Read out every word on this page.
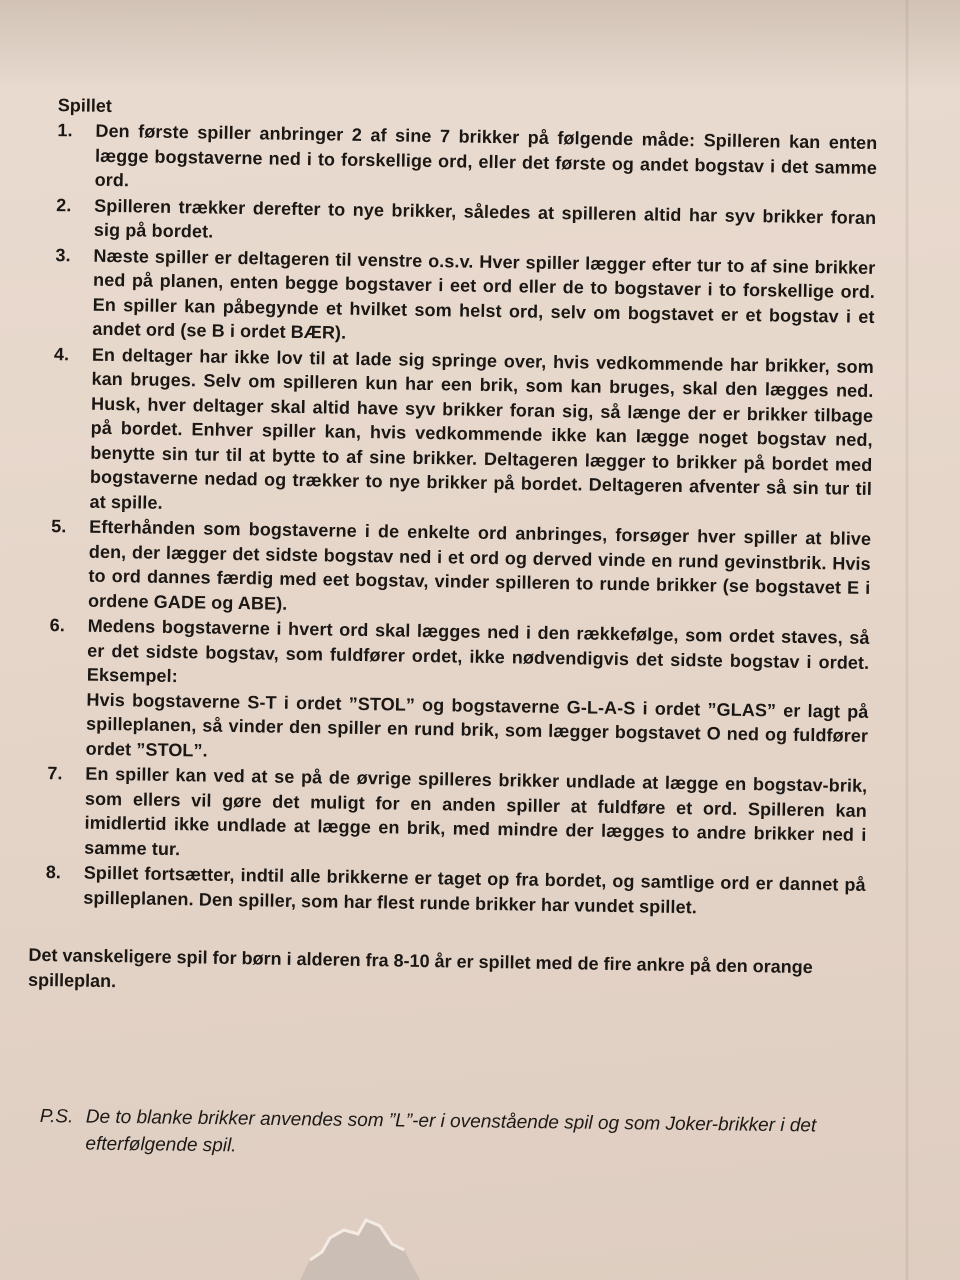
Spillet
1.	Den første spiller anbringer 2 af sine 7 brikker på følgende måde: Spilleren kan enten lægge bogstaverne ned i to forskellige ord, eller det første og andet bogstav i det samme ord.
2.	Spilleren trækker derefter to nye brikker, således at spilleren altid har syv brikker foran sig på bordet.
3.	Næste spiller er deltageren til venstre o.s.v. Hver spiller lægger efter tur to af sine brikker ned på planen, enten begge bogstaver i eet ord eller de to bogstaver i to forskellige ord. En spiller kan påbegynde et hvilket som helst ord, selv om bogstavet er et bogstav i et andet ord (se B i ordet BÆR).
4.	En deltager har ikke lov til at lade sig springe over, hvis vedkommende har brikker, som kan bruges. Selv om spilleren kun har een brik, som kan bruges, skal den lægges ned. Husk, hver deltager skal altid have syv brikker foran sig, så længe der er brikker tilbage på bordet. Enhver spiller kan, hvis vedkommende ikke kan lægge noget bogstav ned, benytte sin tur til at bytte to af sine brikker. Deltageren lægger to brikker på bordet med bogstaverne nedad og trækker to nye brikker på bordet. Deltageren afventer så sin tur til at spille.
5.	Efterhånden som bogstaverne i de enkelte ord anbringes, forsøger hver spiller at blive den, der lægger det sidste bogstav ned i et ord og derved vinde en rund gevinstbrik. Hvis to ord dannes færdig med eet bogstav, vinder spilleren to runde brikker (se bogstavet E i ordene GADE og ABE).
6.	Medens bogstaverne i hvert ord skal lægges ned i den rækkefølge, som ordet staves, så er det sidste bogstav, som fuldfører ordet, ikke nødvendigvis det sidste bogstav i ordet. Eksempel:
Hvis bogstaverne S-T i ordet ”STOL” og bogstaverne G-L-A-S i ordet ”GLAS” er lagt på spilleplanen, så vinder den spiller en rund brik, som lægger bogstavet O ned og fuldfører ordet ”STOL”.
7.	En spiller kan ved at se på de øvrige spilleres brikker undlade at lægge en bogstav-brik, som ellers vil gøre det muligt for en anden spiller at fuldføre et ord. Spilleren kan imidlertid ikke undlade at lægge en brik, med mindre der lægges to andre brikker ned i samme tur.
8.	Spillet fortsætter, indtil alle brikkerne er taget op fra bordet, og samtlige ord er dannet på spilleplanen. Den spiller, som har flest runde brikker har vundet spillet.
Det vanskeligere spil for børn i alderen fra 8-10 år er spillet med de fire ankre på den orange spilleplan.
P.S. De to blanke brikker anvendes som ”L”-er i ovenstående spil og som Joker-brikker i det efterfølgende spil.
